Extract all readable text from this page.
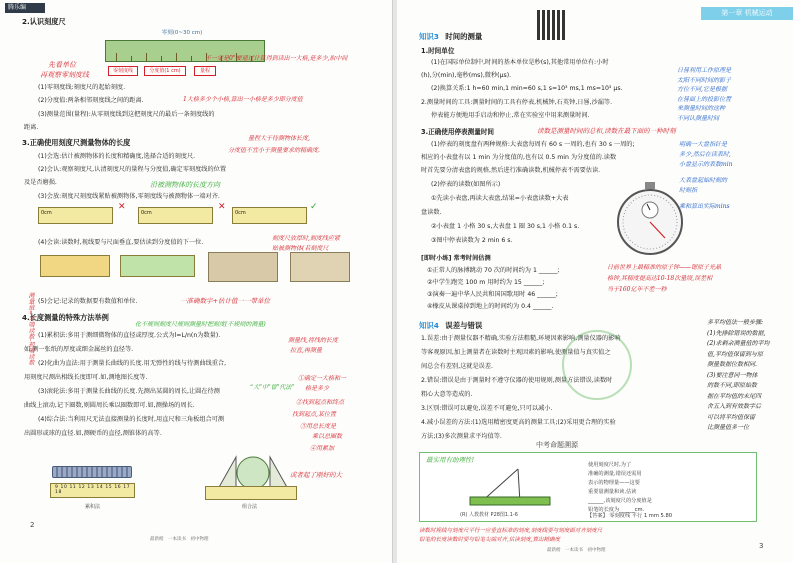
腾乐编
2.认识刻度尺
零刻(0~30 cm)
零刻度线	分度值(1 cm)	量程
先看单位
再观察零刻度线
不一定是0"要通过计算得到读出一大格,是多少,取中间
1大格多少个小格,算出一小格是多少即分度值
(1)零刻度线:刻度尺的起始刻度.
(2)分度值:两条相邻刻度线之间的距离.
(3)测量范围(量程):从零刻度线到这把刻度尺的最后一条刻度线的
距离.
3.正确使用刻度尺测量物体的长度	量程大于待测物体长度,
分度值不宜小于测量要求的精确度.
(1)会选:估计被测物体的长度和精确度,选择合适的刻度尺.
(2)会认:观察刻度尺,认清刻度尺的量程与分度值,确定零刻度线的位置
及是否磨损.	沿被测物体的长度方向
(3)会放:刻度尺刻度线紧贴被测物体,零刻度线与被测物体一端对齐.
0cm
✕
0cm
✕
0cm
✓
(4)会读:读数时,视线要与尺面垂直,要估读到分度值的下一位.
刻度尺放厚时,刻度线应紧
贴被测物体(若刻度尺
测量值=末端读数-初端读数 (5)会记:记录的数据要有数值和单位.	一准确数字+估计值一一带单位
4.长度测量的特殊方法举例
化不规则刻度尺规则测量时把刻度(不规则的测量)
(1)累积法:多用于测细微物体的直径或厚度.公式为l=L/n(n为数量).
如,测一张纸的厚度或细金属丝的直径等.
(2)化曲为直法:用于测量长曲线的长度.用无弹性的线与待测曲线重合,
用刻度尺测出相线长度即可.如,测地图长度等.
(3)滚轮法:多用于测量长曲线的长度.先测出某圆的周长,让圆在待测
曲线上滚动,记下圈数,则圆周长乘以圈数即可.如,测操场的周长.
(4)综合法:当利用尺无法直接测量的长度时,用直尺和三角板组合可测
出圆形或球的直径.如,测硬币的直径,测锥体的高等.
测量线,将线的长度
拉直,再测量
①确定一大格和一
格是多少
②找到起点和终点
找到起点,某位置
③用总长度是
乘以总圈数
④用累加
“大"中"曾"代法"
9 10 11 12 13 14 15 16 17 18
累积法	组合法
或者起了刚好的大
2
最新榜　一本读书　初中物理
第一章 机械运动
知识3 时间的测量
1.时间单位
(1)在国际单位制中,时间的基本单位是秒(s),其他常用单位有:小时
(h),分(min),毫秒(ms),微秒(μs).
(2)换算关系:1 h=60 min,1 min=60 s,1 s=10³ ms,1 ms=10³ μs.
2.测量时间的工具:测量时间的工具有停表,机械钟,石英钟,日晷,沙漏等.
停表能方便地用手启动和停止,常在实验室中用来测量时间.
3.正确使用停表测量时间	读数是测量时间的总和,读数在最下面的一种时刻
(1)停表的刻度盘有两种规格:大表盘每周有 60 s 一周的,也有 30 s 一周的;
相应的小表盘有以 1 min 为分度值的,也有以 0.5 min 为分度值的.读数
时首先要分清表盘的规格,然后进行准确读数,机械停表不需要估读.
(2)停表的读数(如图所示)
①先读小表盘,再读大表盘,结果=小表盘读数+大表
盘读数.
②小表盘 1 小格 30 s,大表盘 1 圈 30 s,1 小格 0.1 s.
③图中停表读数为 2 min 6 s.
日晷利用工作原理是
太阳不同时间的影子
方位不同,它是根据
在晷面上的投影位置
来测量时间的这种
不同认测量时间
明确一大盘指针是
多少,然后在读表时,
小盘显示的表数min
大表盘起始时刻的
时刻指
乘和算出实际mins
[即时小练] 常考时间估测
①正常人的脉搏跳动 70 次的时间约为 1 ______;
②中学生跑完 100 m 用时约为 15 ______;
③演奏一遍中华人民共和国国歌用时 46 ______;
④橡皮从课桌掉到地上的时间约为 0.4 ______.
日前世界上最精准的原子钟——锶原子光晶
格钟,其精度提高达10-18次量级,误差相
当于160亿年不差一秒
知识4 误差与错误
1.误差:由于测量仪器不精确,实验方法粗糙,环境因素影响,测量仪器的影响
等客观原因,加上测量者在读数时主观因素的影响,使测量值与真实值之
间总会有差别,这就是误差.
2.错误:错误是由于测量时不遵守仪器的使用规则,测量方法错误,读数时
粗心大意等造成的.
3.区别:错误可以避免,误差不可避免,只可以减小.
4.减小误差的方法:(1)选用精密度更高的测量工具;(2)采用更合理的实验
方法;(3)多次测量求平均值等.
多平均值法一般步骤:
(1)先排除错误的数据,
(2)求剩余测量值的平均
值,平均值保留到与原
测量数据位数相同.
(3)要注意同一物体
的数不同,即原始数
据在平均值的末尾四
舍五入到有效数字后
可以将平均值保留
比测量值多一位
中考命题溯源
最实用有助理性!
(R) 人教教材 P28图1.1-6
使用刻度尺时,为了
准确的测量,错误还需用
表示的物理量——这要
重要量测量和读,估读
______,该刻度尺的分度值是
铅笔的长度为______cm.
【答案】 零刻度线 平行 1 mm 5.80
读数时视线与刻度尺平行一应垂直标准的刻度,刻度线要与刻度面对齐刻度尺
铅笔的长度读数时要与铅笔尖端对齐,估读刻度,算出精确度
最新榜　一本读书　初中物理
3
